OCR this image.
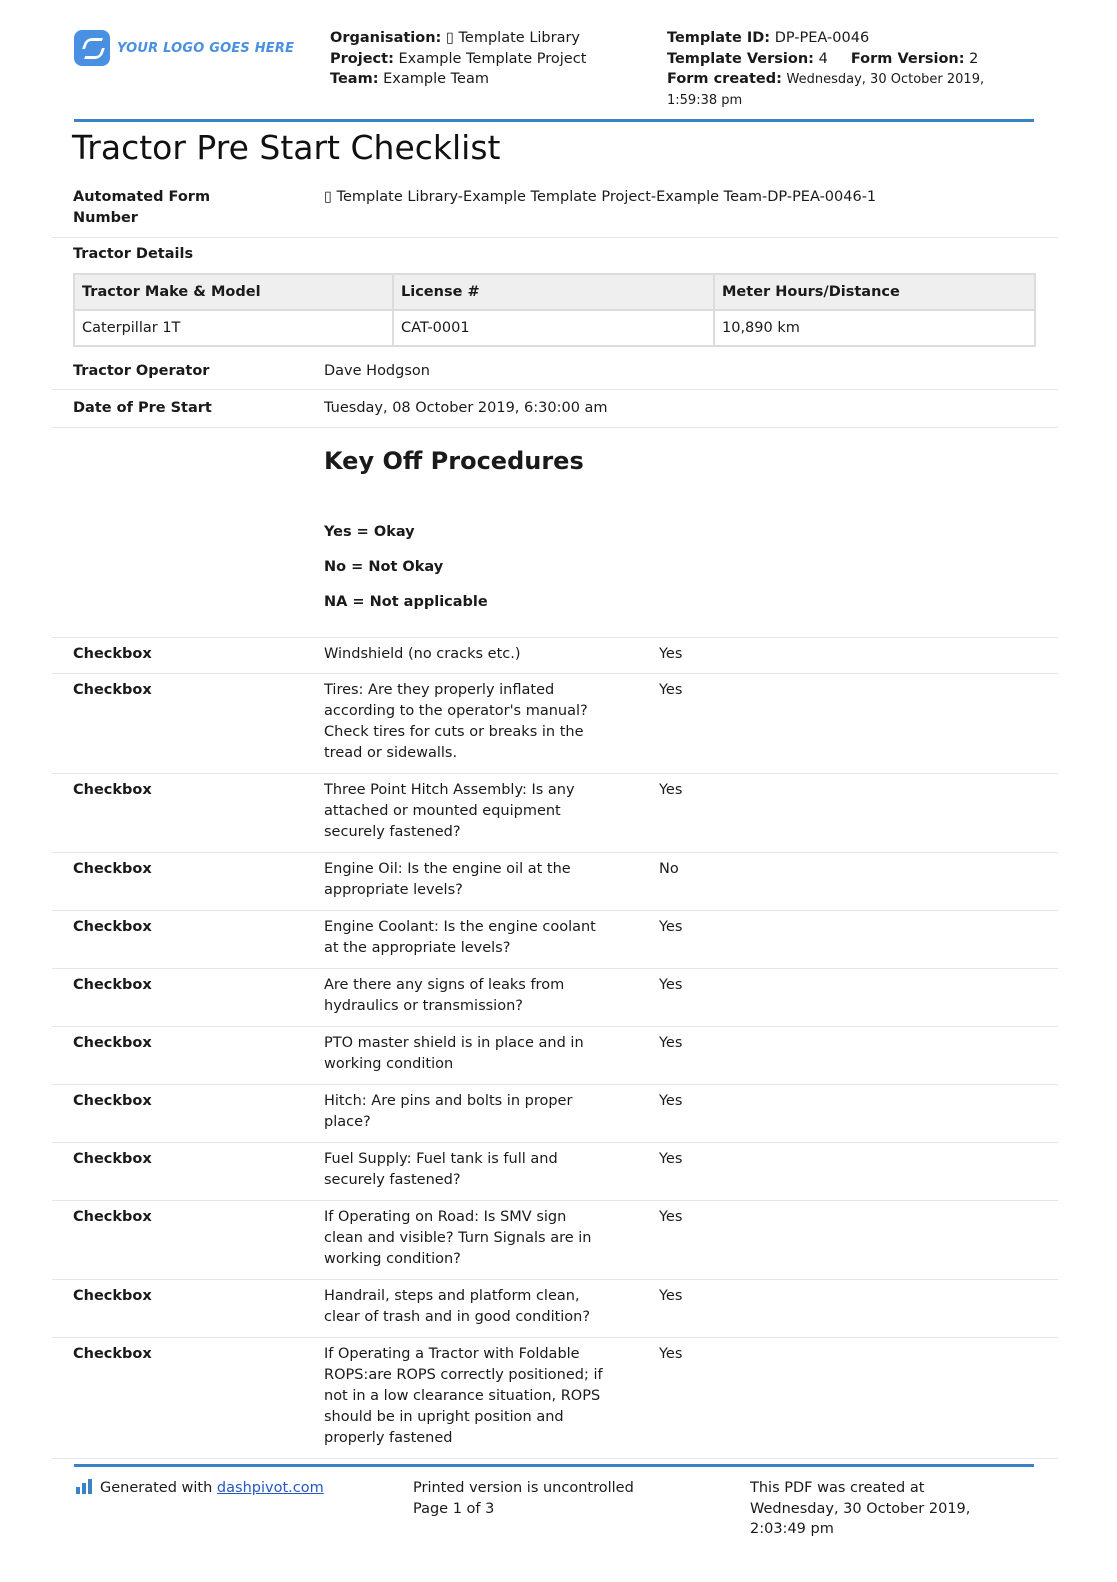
YOUR LOGO GOES HERE
Organisation: ▯ Template Library
Project: Example Template Project
Team: Example Team
Template ID: DP-PEA-0046
Template Version: 4 Form Version: 2
Form created: Wednesday, 30 October 2019,
1:59:38 pm
Tractor Pre Start Checklist
Automated Form Number
▯ Template Library-Example Template Project-Example Team-DP-PEA-0046-1
Tractor Details
Tractor Make & Model	License #	Meter Hours/Distance
Caterpillar 1T	CAT-0001	10,890 km
Tractor Operator	Dave Hodgson
Date of Pre Start	Tuesday, 08 October 2019, 6:30:00 am
Key Off Procedures
Yes = Okay
No = Not Okay
NA = Not applicable
Generated with dashpivot.com	Printed version is uncontrolled
Page 1 of 3
This PDF was created at
Wednesday, 30 October 2019,
2:03:49 pm
Checkbox	Windshield (no cracks etc.)	Yes
Checkbox	Tires: Are they properly inflated
according to the operator's manual?
Check tires for cuts or breaks in the
tread or sidewalls.
Yes
Checkbox	Three Point Hitch Assembly: Is any
attached or mounted equipment
securely fastened?
Yes
Checkbox	Engine Oil: Is the engine oil at the
appropriate levels?
No
Checkbox	Engine Coolant: Is the engine coolant
at the appropriate levels?
Yes
Checkbox	Are there any signs of leaks from
hydraulics or transmission?
Yes
Checkbox	PTO master shield is in place and in
working condition
Yes
Checkbox	Hitch: Are pins and bolts in proper
place?
Yes
Checkbox	Fuel Supply: Fuel tank is full and
securely fastened?
Yes
Checkbox	If Operating on Road: Is SMV sign
clean and visible? Turn Signals are in
working condition?
Yes
Checkbox	Handrail, steps and platform clean,
clear of trash and in good condition?
Yes
Checkbox	If Operating a Tractor with Foldable
ROPS:are ROPS correctly positioned; if
not in a low clearance situation, ROPS
should be in upright position and
properly fastened
Yes
